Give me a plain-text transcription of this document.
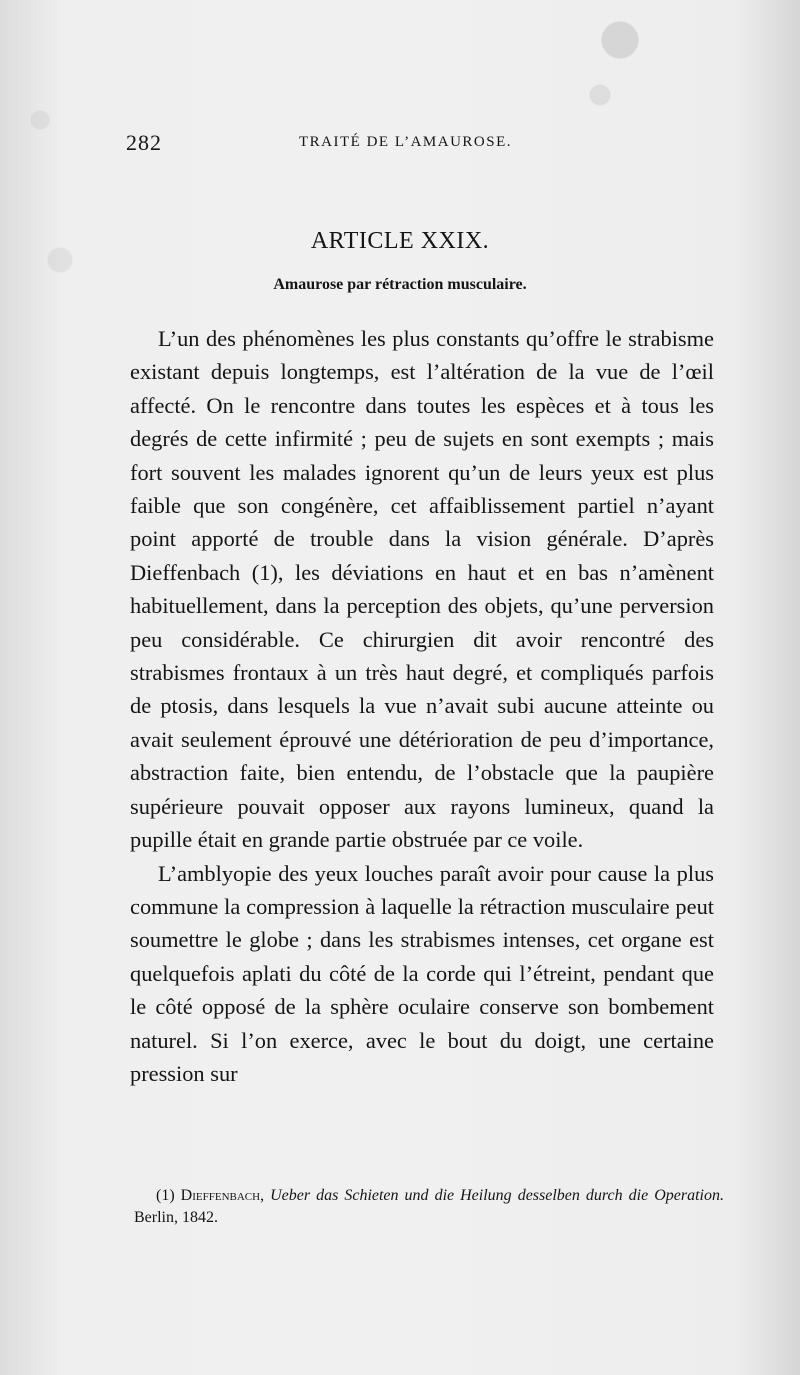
282	TRAITÉ DE L’AMAUROSE.
ARTICLE XXIX.
Amaurose par rétraction musculaire.

L’un des phénomènes les plus constants qu’offre le strabisme existant depuis longtemps, est l’altération de la vue de l’œil affecté. On le rencontre dans toutes les espèces et à tous les degrés de cette infirmité ; peu de sujets en sont exempts ; mais fort souvent les malades ignorent qu’un de leurs yeux est plus faible que son congénère, cet affaiblissement partiel n’ayant point apporté de trouble dans la vision générale. D’après Dieffenbach (1), les déviations en haut et en bas n’amènent habituellement, dans la perception des objets, qu’une perversion peu considérable. Ce chirurgien dit avoir rencontré des strabismes frontaux à un très haut degré, et compliqués parfois de ptosis, dans lesquels la vue n’avait subi aucune atteinte ou avait seulement éprouvé une détérioration de peu d’importance, abstraction faite, bien entendu, de l’obstacle que la paupière supérieure pouvait opposer aux rayons lumineux, quand la pupille était en grande partie obstruée par ce voile.

L’amblyopie des yeux louches paraît avoir pour cause la plus commune la compression à laquelle la rétraction musculaire peut soumettre le globe ; dans les strabismes intenses, cet organe est quelquefois aplati du côté de la corde qui l’étreint, pendant que le côté opposé de la sphère oculaire conserve son bombement naturel. Si l’on exerce, avec le bout du doigt, une certaine pression sur

(1) Dieffenbach, Ueber das Schieten und die Heilung desselben durch die Operation. Berlin, 1842.
